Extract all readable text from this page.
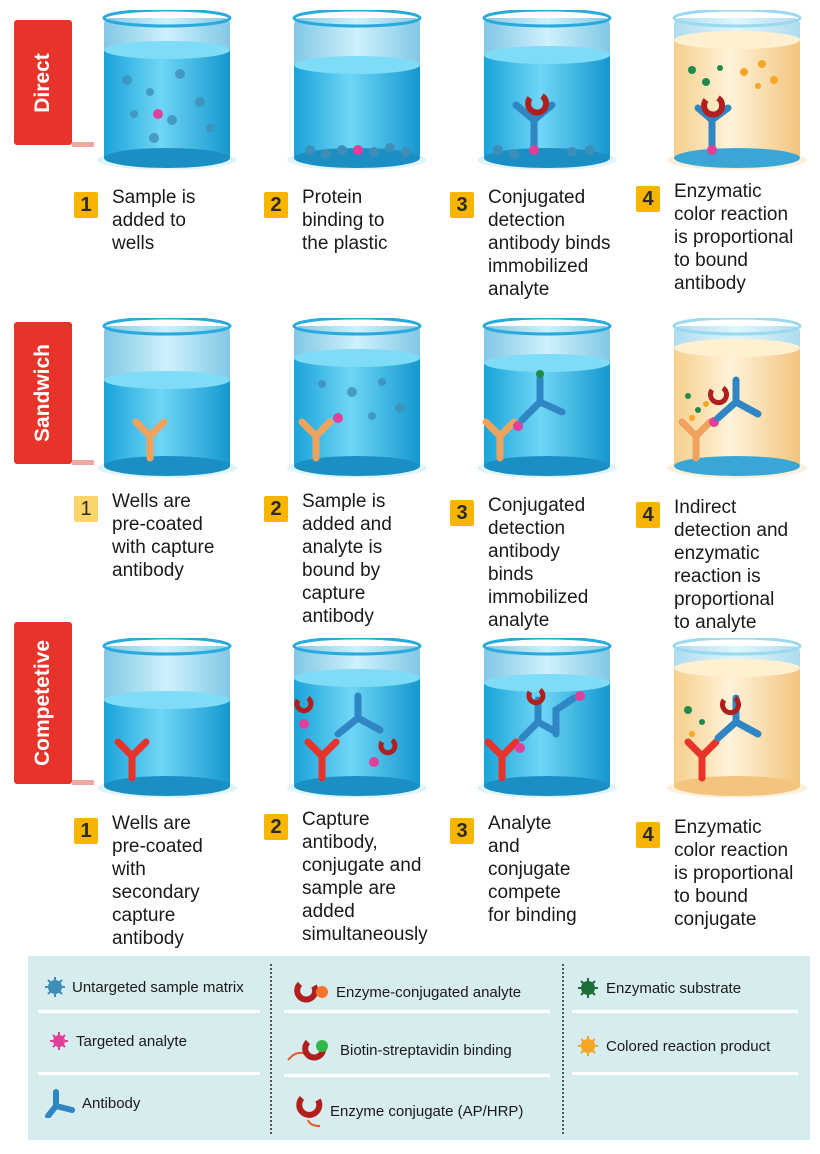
Direct
1	Sample is
added to
wells
2	Protein
binding to
the plastic
3	Conjugated
detection
antibody binds
immobilized
analyte
4	Enzymatic
color reaction
is proportional
to bound
antibody
Sandwich
1	Wells are
pre-coated
with capture
antibody
2	Sample is
added and
analyte is
bound by
capture
antibody
3	Conjugated
detection
antibody
binds
immobilized
analyte
4	Indirect
detection and
enzymatic
reaction is
proportional
to analyte
Competetive
1	Wells are
pre-coated
with
secondary
capture
antibody
2	Capture
antibody,
conjugate and
sample are
added
simultaneously
3	Analyte
and
conjugate
compete
for binding
4	Enzymatic
color reaction
is proportional
to bound
conjugate
Untargeted sample matrix
Targeted analyte
Antibody
Enzyme-conjugated analyte
Biotin-streptavidin binding
Enzyme conjugate (AP/HRP)
Enzymatic substrate
Colored reaction product
